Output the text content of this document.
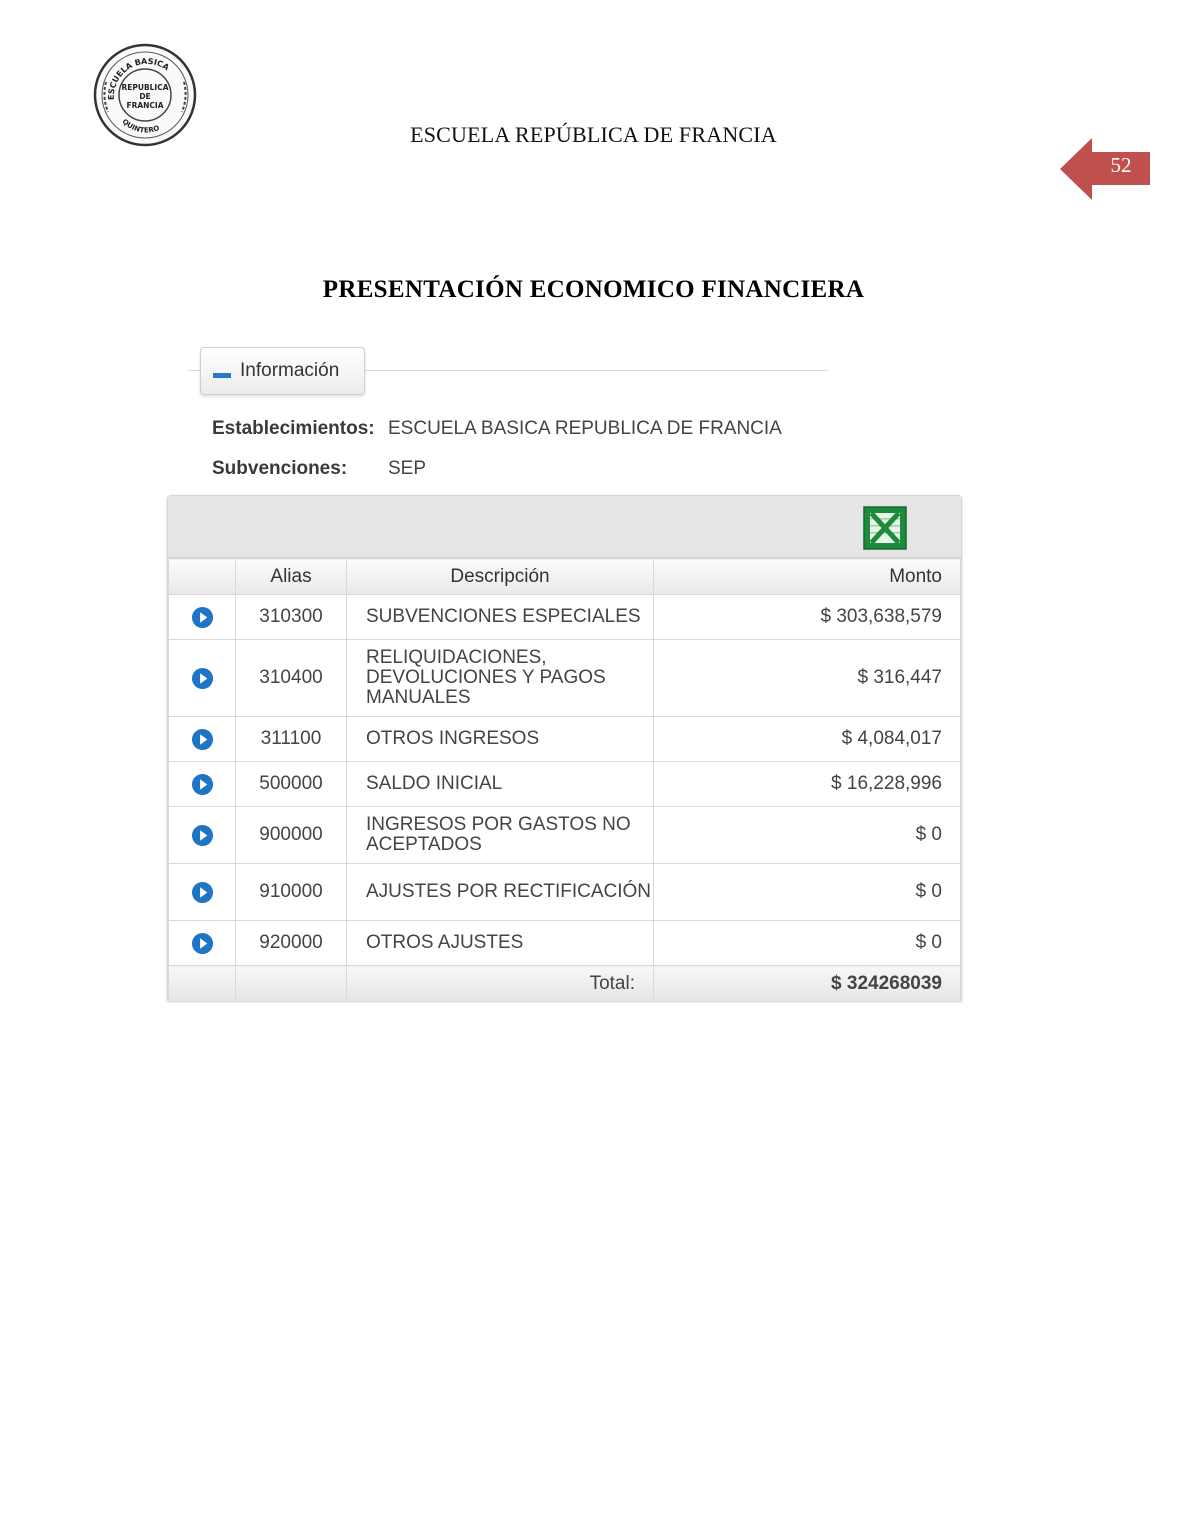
ESCUELA BASICA
QUINTERO
REPUBLICA
DE
FRANCIA
ESCUELA REPÚBLICA DE FRANCIA
52
PRESENTACIÓN ECONOMICO FINANCIERA
Información
Establecimientos: ESCUELA BASICA REPUBLICA DE FRANCIA
Subvenciones: SEP
	Alias	Descripción	Monto
	310300	SUBVENCIONES ESPECIALES	$ 303,638,579
	310400	RELIQUIDACIONES, DEVOLUCIONES Y PAGOS MANUALES	$ 316,447
	311100	OTROS INGRESOS	$ 4,084,017
	500000	SALDO INICIAL	$ 16,228,996
	900000	INGRESOS POR GASTOS NO ACEPTADOS	$ 0
	910000	AJUSTES POR RECTIFICACIÓN	$ 0
	920000	OTROS AJUSTES	$ 0
		Total:	$ 324268039
